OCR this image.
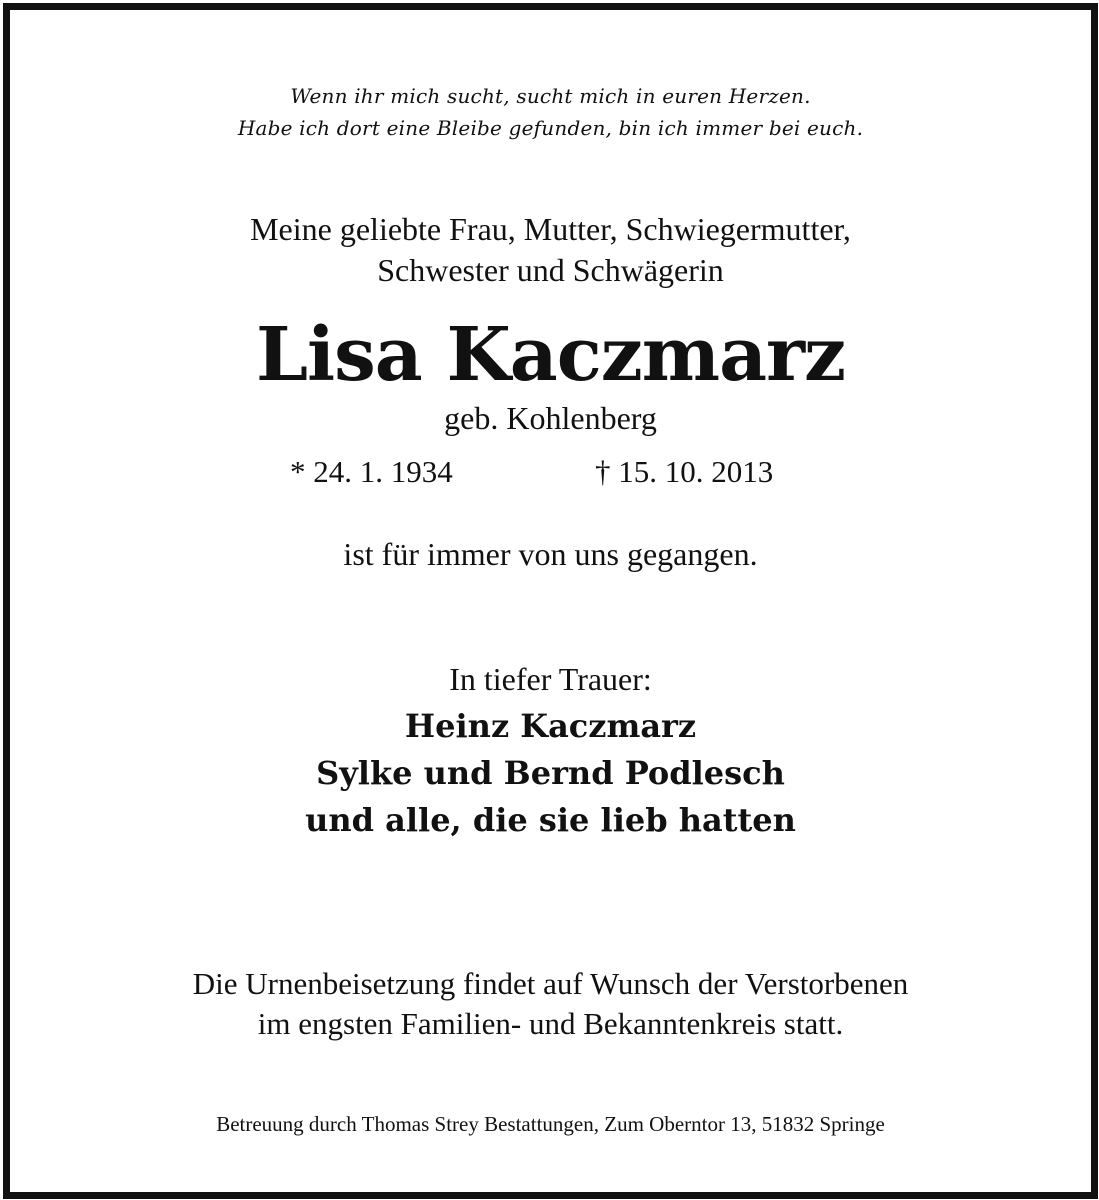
Wenn ihr mich sucht, sucht mich in euren Herzen.
Habe ich dort eine Bleibe gefunden, bin ich immer bei euch.
Meine geliebte Frau, Mutter, Schwiegermutter,
Schwester und Schwägerin
Lisa Kaczmarz
geb. Kohlenberg
* 24. 1. 1934	† 15. 10. 2013
ist für immer von uns gegangen.
In tiefer Trauer:
Heinz Kaczmarz
Sylke und Bernd Podlesch
und alle, die sie lieb hatten
Die Urnenbeisetzung findet auf Wunsch der Verstorbenen
im engsten Familien- und Bekanntenkreis statt.
Betreuung durch Thomas Strey Bestattungen, Zum Oberntor 13, 51832 Springe
